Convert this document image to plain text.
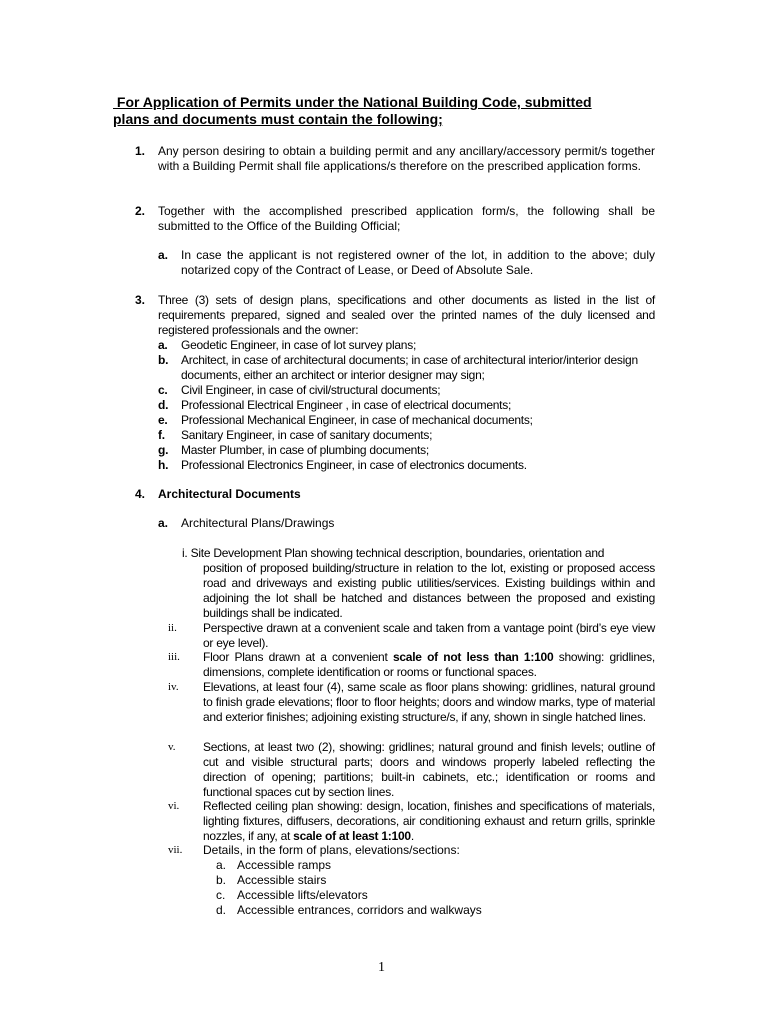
For Application of Permits under the National Building Code, submitted
plans and documents must contain the following;
1. Any person desiring to obtain a building permit and any ancillary/accessory permit/s together with a Building Permit shall file applications/s therefore on the prescribed application forms.
2. Together with the accomplished prescribed application form/s, the following shall be submitted to the Office of the Building Official;
a. In case the applicant is not registered owner of the lot, in addition to the above; duly notarized copy of the Contract of Lease, or Deed of Absolute Sale.
3. Three (3) sets of design plans, specifications and other documents as listed in the list of requirements prepared, signed and sealed over the printed names of the duly licensed and registered professionals and the owner:
a.	Geodetic Engineer, in case of lot survey plans;
b.	Architect, in case of architectural documents; in case of architectural interior/interior design documents, either an architect or interior designer may sign;
c.	Civil Engineer, in case of civil/structural documents;
d.	Professional Electrical Engineer , in case of electrical documents;
e.	Professional Mechanical Engineer, in case of mechanical documents;
f.	Sanitary Engineer, in case of sanitary documents;
g.	Master Plumber, in case of plumbing documents;
h.	Professional Electronics Engineer, in case of electronics documents.
4. Architectural Documents
a. Architectural Plans/Drawings
i. Site Development Plan showing technical description, boundaries, orientation and
position of proposed building/structure in relation to the lot, existing or proposed access road and driveways and existing public utilities/services. Existing buildings within and adjoining the lot shall be hatched and distances between the proposed and existing buildings shall be indicated.
ii. Perspective drawn at a convenient scale and taken from a vantage point (bird’s eye view or eye level).
iii. Floor Plans drawn at a convenient scale of not less than 1:100 showing: gridlines, dimensions, complete identification or rooms or functional spaces.
iv. Elevations, at least four (4), same scale as floor plans showing: gridlines, natural ground to finish grade elevations; floor to floor heights; doors and window marks, type of material and exterior finishes; adjoining existing structure/s, if any, shown in single hatched lines.
v. Sections, at least two (2), showing: gridlines; natural ground and finish levels; outline of cut and visible structural parts; doors and windows properly labeled reflecting the direction of opening; partitions; built-in cabinets, etc.; identification or rooms and functional spaces cut by section lines.
vi. Reflected ceiling plan showing: design, location, finishes and specifications of materials, lighting fixtures, diffusers, decorations, air conditioning exhaust and return grills, sprinkle nozzles, if any, at scale of at least 1:100.
vii. Details, in the form of plans, elevations/sections:
a. Accessible ramps
b. Accessible stairs
c. Accessible lifts/elevators
d. Accessible entrances, corridors and walkways
1
